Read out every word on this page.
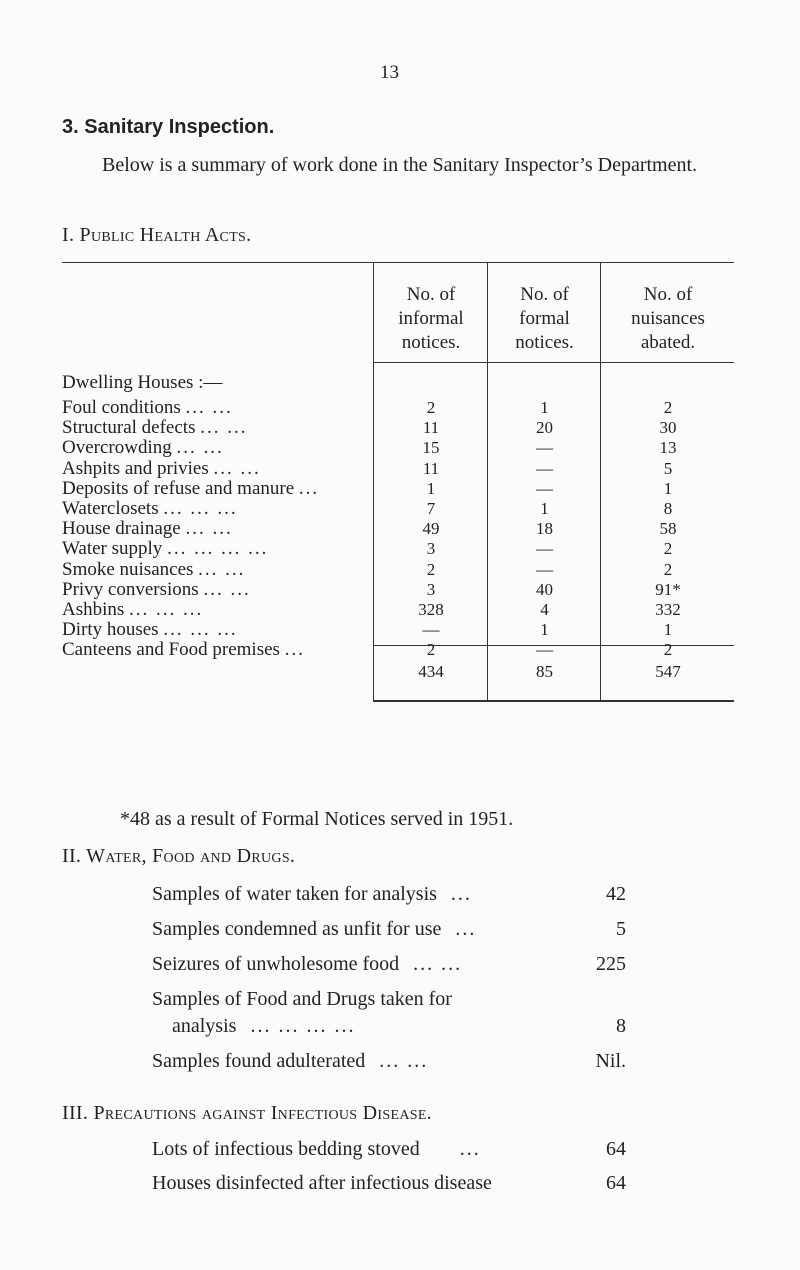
13
3. Sanitary Inspection.
Below is a summary of work done in the Sanitary Inspector’s Department.
I. Public Health Acts.
No. of
informal
notices.
No. of
formal
notices.
No. of
nuisances
abated.
Dwelling Houses :—
Foul conditions ... ...	2	1	2
Structural defects ... ...	11	20	30
Overcrowding ... ...	15	—	13
Ashpits and privies ... ...	11	—	5
Deposits of refuse and manure ...	1	—	1
Waterclosets ... ... ...	7	1	8
House drainage ... ...	49	18	58
Water supply ... ... ... ...	3	—	2
Smoke nuisances ... ...	2	—	2
Privy conversions ... ...	3	40	91*
Ashbins ... ... ...	328	4	332
Dirty houses ... ... ...	—	1	1
Canteens and Food premises ...	2	—	2
434	85	547
*48 as a result of Formal Notices served in 1951.
II. Water, Food and Drugs.
Samples of water taken for analysis ...	42
Samples condemned as unfit for use ...	5
Seizures of unwholesome food ... ...	225
Samples of Food and Drugs taken for
analysis ... ... ... ...	8
Samples found adulterated ... ...	Nil.
III. Precautions against Infectious Disease.
Lots of infectious bedding stoved ...	64
Houses disinfected after infectious disease	64
